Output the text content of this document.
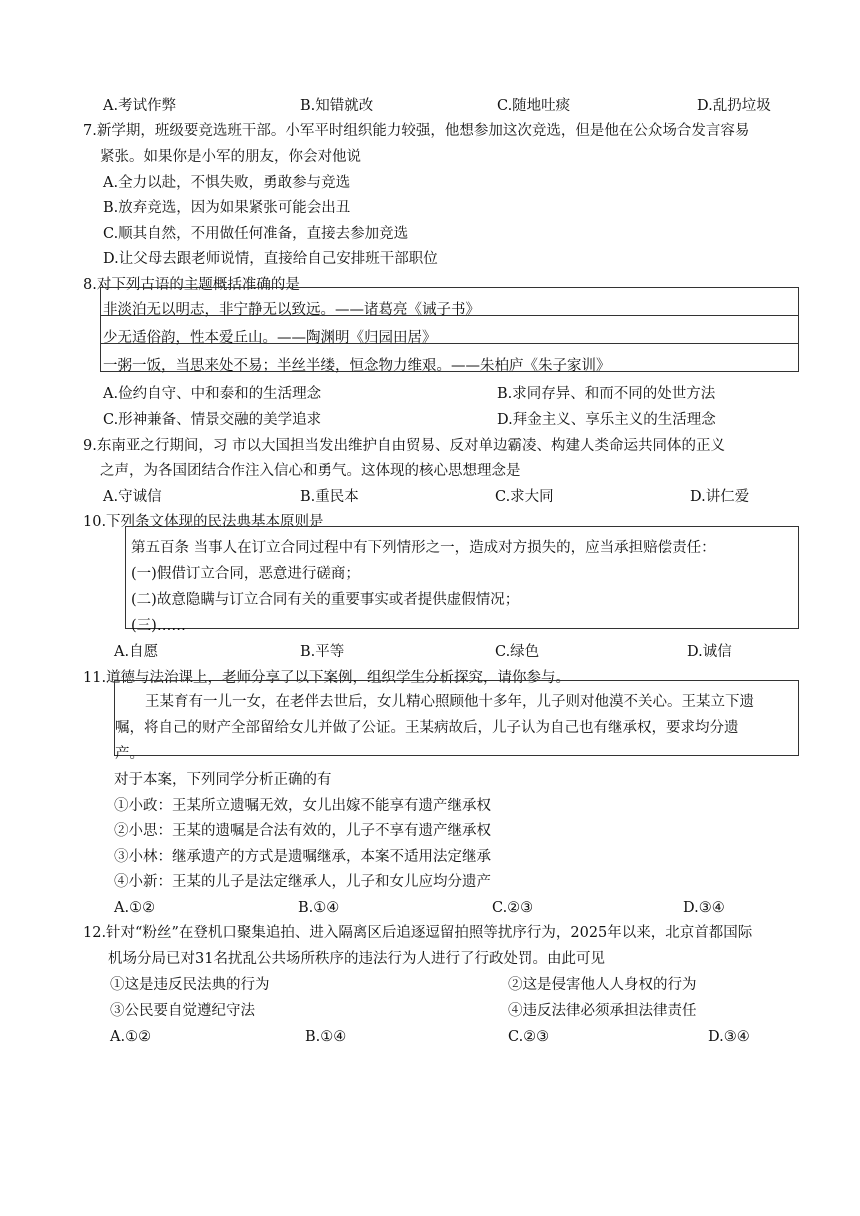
A.考试作弊	B.知错就改	C.随地吐痰	D.乱扔垃圾
7.新学期，班级要竞选班干部。小军平时组织能力较强，他想参加这次竞选，但是他在公众场合发言容易
紧张。如果你是小军的朋友，你会对他说
A.全力以赴，不惧失败，勇敢参与竞选
B.放弃竞选，因为如果紧张可能会出丑
C.顺其自然，不用做任何准备，直接去参加竞选
D.让父母去跟老师说情，直接给自己安排班干部职位
8.对下列古语的主题概括准确的是
非淡泊无以明志，非宁静无以致远。——诸葛亮《诫子书》
少无适俗韵，性本爱丘山。——陶渊明《归园田居》
一粥一饭，当思来处不易；半丝半缕，恒念物力维艰。——朱柏庐《朱子家训》
A.俭约自守、中和泰和的生活理念	B.求同存异、和而不同的处世方法
C.形神兼备、情景交融的美学追求	D.拜金主义、享乐主义的生活理念
9.东南亚之行期间，习 市以大国担当发出维护自由贸易、反对单边霸凌、构建人类命运共同体的正义
之声，为各国团结合作注入信心和勇气。这体现的核心思想理念是
A.守诚信	B.重民本	C.求大同	D.讲仁爱
10.下列条文体现的民法典基本原则是
第五百条 当事人在订立合同过程中有下列情形之一，造成对方损失的，应当承担赔偿责任：
(一)假借订立合同，恶意进行磋商；
(二)故意隐瞒与订立合同有关的重要事实或者提供虚假情况；
(三)……
A.自愿	B.平等	C.绿色	D.诚信
11.道德与法治课上，老师分享了以下案例，组织学生分析探究，请你参与。
王某育有一儿一女，在老伴去世后，女儿精心照顾他十多年，儿子则对他漠不关心。王某立下遗
嘱，将自己的财产全部留给女儿并做了公证。王某病故后，儿子认为自己也有继承权，要求均分遗
产。
对于本案，下列同学分析正确的有
①小政：王某所立遗嘱无效，女儿出嫁不能享有遗产继承权
②小思：王某的遗嘱是合法有效的，儿子不享有遗产继承权
③小林：继承遗产的方式是遗嘱继承，本案不适用法定继承
④小新：王某的儿子是法定继承人，儿子和女儿应均分遗产
A.①②	B.①④	C.②③	D.③④
12.针对“粉丝”在登机口聚集追拍、进入隔离区后追逐逗留拍照等扰序行为，2025年以来，北京首都国际
机场分局已对31名扰乱公共场所秩序的违法行为人进行了行政处罚。由此可见
①这是违反民法典的行为	②这是侵害他人人身权的行为
③公民要自觉遵纪守法	④违反法律必须承担法律责任
A.①②	B.①④	C.②③	D.③④
